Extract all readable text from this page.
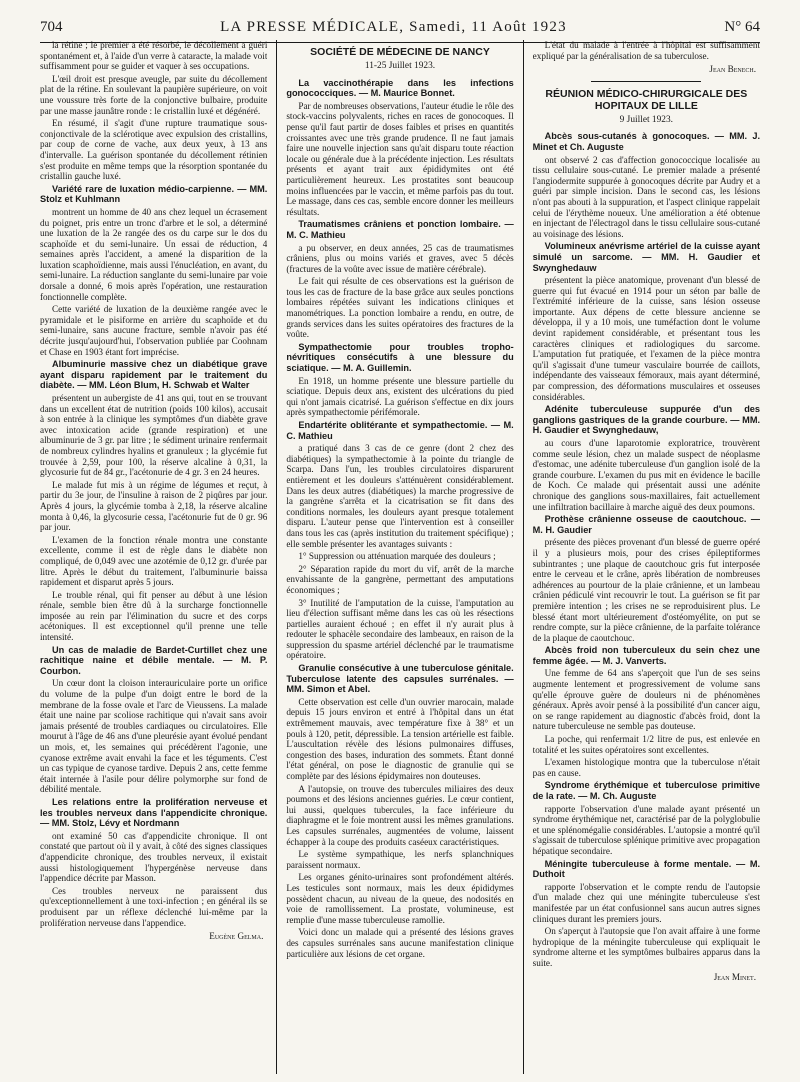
704	LA PRESSE MÉDICALE, Samedi, 11 Août 1923	N° 64

la rétine ; le premier a été résorbé, le décollement a guéri spontanément et, à l'aide d'un verre à cataracte, la malade voit suffisamment pour se guider et vaquer à ses occupations.

L'œil droit est presque aveugle, par suite du décollement plat de la rétine. En soulevant la paupière supérieure, on voit une voussure très forte de la conjonctive bulbaire, produite par une masse jaunâtre ronde : le cristallin luxé et dégénéré.

En résumé, il s'agit d'une rupture traumatique sous-conjonctivale de la sclérotique avec expulsion des cristallins, par coup de corne de vache, aux deux yeux, à 13 ans d'intervalle. La guérison spontanée du décollement rétinien s'est produite en même temps que la résorption spontanée du cristallin gauche luxé.

Variété rare de luxation médio-carpienne. — MM. Stolz et Kuhlmann

montrent un homme de 40 ans chez lequel un écrasement du poignet, pris entre un tronc d'arbre et le sol, a déterminé une luxation de la 2e rangée des os du carpe sur le dos du scaphoïde et du semi-lunaire. Un essai de réduction, 4 semaines après l'accident, a amené la disparition de la luxation scaphoïdienne, mais aussi l'énucléation, en avant, du semi-lunaire. La réduction sanglante du semi-lunaire par voie dorsale a donné, 6 mois après l'opération, une restauration fonctionnelle complète.

Cette variété de luxation de la deuxième rangée avec le pyramidale et le pisiforme en arrière du scaphoïde et du semi-lunaire, sans aucune fracture, semble n'avoir pas été décrite jusqu'aujourd'hui, l'observation publiée par Coohnam et Chase en 1903 étant fort imprécise.

Albuminurie massive chez un diabétique grave ayant disparu rapidement par le traitement du diabète. — MM. Léon Blum, H. Schwab et Walter

présentent un aubergiste de 41 ans qui, tout en se trouvant dans un excellent état de nutrition (poids 100 kilos), accusait à son entrée à la clinique les symptômes d'un diabète grave avec intoxication acide (grande respiration) et une albuminurie de 3 gr. par litre ; le sédiment urinaire renfermait de nombreux cylindres hyalins et granuleux ; la glycémie fut trouvée à 2,59, pour 100, la réserve alcaline à 0,31, la glycosurie fut de 84 gr., l'acétonurie de 4 gr. 3 en 24 heures.

Le malade fut mis à un régime de légumes et reçut, à partir du 3e jour, de l'insuline à raison de 2 piqûres par jour. Après 4 jours, la glycémie tomba à 2,18, la réserve alcaline monta à 0,46, la glycosurie cessa, l'acétonurie fut de 0 gr. 96 par jour.

L'examen de la fonction rénale montra une constante excellente, comme il est de règle dans le diabète non compliqué, de 0,049 avec une azotémie de 0,12 gr. d'urée par litre. Après le début du traitement, l'albuminurie baissa rapidement et disparut après 5 jours.

Le trouble rénal, qui fit penser au début à une lésion rénale, semble bien être dû à la surcharge fonctionnelle imposée au rein par l'élimination du sucre et des corps acétoniques. Il est exceptionnel qu'il prenne une telle intensité.

Un cas de maladie de Bardet-Curtillet chez une rachitique naine et débile mentale. — M. P. Courbon.

Un cœur dont la cloison interauriculaire porte un orifice du volume de la pulpe d'un doigt entre le bord de la membrane de la fosse ovale et l'arc de Vieussens. La malade était une naine par scoliose rachitique qui n'avait sans avoir jamais présenté de troubles cardiaques ou circulatoires. Elle mourut à l'âge de 46 ans d'une pleurésie ayant évolué pendant un mois, et, les semaines qui précédèrent l'agonie, une cyanose extrême avait envahi la face et les téguments. C'est un cas typique de cyanose tardive. Depuis 2 ans, cette femme était internée à l'asile pour délire polymorphe sur fond de débilité mentale.

Les relations entre la prolifération nerveuse et les troubles nerveux dans l'appendicite chronique. — MM. Stolz, Lévy et Nordmann

ont examiné 50 cas d'appendicite chronique. Il ont constaté que partout où il y avait, à côté des signes classiques d'appendicite chronique, des troubles nerveux, il existait aussi histologiquement l'hypergénèse nerveuse dans l'appendice décrite par Masson.

Ces troubles nerveux ne paraissent dus qu'exceptionnellement à une toxi-infection ; en général ils se produisent par un réflexe déclenché lui-même par la prolifération nerveuse dans l'appendice.

Eugène Gelma.
SOCIÉTÉ DE MÉDECINE DE NANCY
11-25 Juillet 1923.

La vaccinothérapie dans les infections gonococciques. — M. Maurice Bonnet.

Par de nombreuses observations, l'auteur étudie le rôle des stock-vaccins polyvalents, riches en races de gonocoques. Il pense qu'il faut partir de doses faibles et prises en quantités croissantes avec une très grande prudence. Il ne faut jamais faire une nouvelle injection sans qu'ait disparu toute réaction locale ou générale due à la précédente injection. Les résultats présents et ayant trait aux épididymites ont été particulièrement heureux. Les prostatites sont beaucoup moins influencées par le vaccin, et même parfois pas du tout. Le massage, dans ces cas, semble encore donner les meilleurs résultats.

Traumatismes crâniens et ponction lombaire. — M. C. Mathieu

a pu observer, en deux années, 25 cas de traumatismes crâniens, plus ou moins variés et graves, avec 5 décès (fractures de la voûte avec issue de matière cérébrale).

Le fait qui résulte de ces observations est la guérison de tous les cas de fracture de la base grâce aux seules ponctions lombaires répétées suivant les indications cliniques et manométriques. La ponction lombaire a rendu, en outre, de grands services dans les suites opératoires des fractures de la voûte.

Sympathectomie pour troubles tropho-névritiques consécutifs à une blessure du sciatique. — M. A. Guillemin.

En 1918, un homme présente une blessure partielle du sciatique. Depuis deux ans, existent des ulcérations du pied qui n'ont jamais cicatrisé. La guérison s'effectue en dix jours après sympathectomie périfémorale.

Endartérite oblitérante et sympathectomie. — M. C. Mathieu

a pratiqué dans 3 cas de ce genre (dont 2 chez des diabétiques) la sympathectomie à la pointe du triangle de Scarpa. Dans l'un, les troubles circulatoires disparurent entièrement et les douleurs s'atténuèrent considérablement. Dans les deux autres (diabétiques) la marche progressive de la gangrène s'arrêta et la cicatrisation se fit dans des conditions normales, les douleurs ayant presque totalement disparu. L'auteur pense que l'intervention est à conseiller dans tous les cas (après institution du traitement spécifique) ; elle semble présenter les avantages suivants :

1° Suppression ou atténuation marquée des douleurs ;

2° Séparation rapide du mort du vif, arrêt de la marche envahissante de la gangrène, permettant des amputations économiques ;

3° Inutilité de l'amputation de la cuisse, l'amputation au lieu d'élection suffisant même dans les cas où les résections partielles auraient échoué ; en effet il n'y aurait plus à redouter le sphacèle secondaire des lambeaux, en raison de la suppression du spasme artériel déclenché par le traumatisme opératoire.

Granulie consécutive à une tuberculose génitale. Tuberculose latente des capsules surrénales. — MM. Simon et Abel.

Cette observation est celle d'un ouvrier marocain, malade depuis 15 jours environ et entré à l'hôpital dans un état extrêmement mauvais, avec température fixe à 38° et un pouls à 120, petit, dépressible. La tension artérielle est faible. L'auscultation révèle des lésions pulmonaires diffuses, congestion des bases, induration des sommets. Étant donné l'état général, on pose le diagnostic de granulie qui se complète par des lésions épidymaires non douteuses.

A l'autopsie, on trouve des tubercules miliaires des deux poumons et des lésions anciennes guéries. Le cœur contient, lui aussi, quelques tubercules, la face inférieure du diaphragme et le foie montrent aussi les mêmes granulations. Les capsules surrénales, augmentées de volume, laissent échapper à la coupe des produits caséeux caractéristiques.

Le système sympathique, les nerfs splanchniques paraissent normaux.

Les organes génito-urinaires sont profondément altérés. Les testicules sont normaux, mais les deux épididymes possèdent chacun, au niveau de la queue, des nodosités en voie de ramollissement. La prostate, volumineuse, est remplie d'une masse tuberculeuse ramollie.

Voici donc un malade qui a présenté des lésions graves des capsules surrénales sans aucune manifestation clinique particulière aux lésions de cet organe.

L'état du malade à l'entrée à l'hôpital est suffisamment expliqué par la généralisation de sa tuberculose.

Jean Benech.
RÉUNION MÉDICO-CHIRURGICALE DES HOPITAUX DE LILLE
9 Juillet 1923.

Abcès sous-cutanés à gonocoques. — MM. J. Minet et Ch. Auguste

ont observé 2 cas d'affection gonococcique localisée au tissu cellulaire sous-cutané. Le premier malade a présenté l'angiodermite suppurée à gonocoques décrite par Audry et a guéri par simple incision. Dans le second cas, les lésions n'ont pas abouti à la suppuration, et l'aspect clinique rappelait celui de l'érythème noueux. Une amélioration a été obtenue en injectant de l'électragol dans le tissu cellulaire sous-cutané au voisinage des lésions.

Volumineux anévrisme artériel de la cuisse ayant simulé un sarcome. — MM. H. Gaudier et Swynghedauw

présentent la pièce anatomique, provenant d'un blessé de guerre qui fut évacué en 1914 pour un séton par balle de l'extrémité inférieure de la cuisse, sans lésion osseuse importante. Aux dépens de cette blessure ancienne se développa, il y a 10 mois, une tuméfaction dont le volume devint rapidement considérable, et présentant tous les caractères cliniques et radiologiques du sarcome. L'amputation fut pratiquée, et l'examen de la pièce montra qu'il s'agissait d'une tumeur vasculaire bourrée de caillots, indépendante des vaisseaux fémoraux, mais ayant déterminé, par compression, des déformations musculaires et osseuses considérables.

Adénite tuberculeuse suppurée d'un des ganglions gastriques de la grande courbure. — MM. H. Gaudier et Swynghedauw,

au cours d'une laparotomie exploratrice, trouvèrent comme seule lésion, chez un malade suspect de néoplasme d'estomac, une adénite tuberculeuse d'un ganglion isolé de la grande courbure. L'examen du pus mit en évidence le bacille de Koch. Ce malade qui présentait aussi une adénite chronique des ganglions sous-maxillaires, fait actuellement une infiltration bacillaire à marche aiguë des deux poumons.

Prothèse crânienne osseuse de caoutchouc. — M. H. Gaudier

présente des pièces provenant d'un blessé de guerre opéré il y a plusieurs mois, pour des crises épileptiformes subintrantes ; une plaque de caoutchouc gris fut interposée entre le cerveau et le crâne, après libération de nombreuses adhérences au pourtour de la plaie crânienne, et un lambeau crânien pédiculé vint recouvrir le tout. La guérison se fit par première intention ; les crises ne se reproduisirent plus. Le blessé étant mort ultérieurement d'ostéomyélite, on put se rendre compte, sur la pièce crânienne, de la parfaite tolérance de la plaque de caoutchouc.

Abcès froid non tuberculeux du sein chez une femme âgée. — M. J. Vanverts.

Une femme de 64 ans s'aperçoit que l'un de ses seins augmente lentement et progressivement de volume sans qu'elle éprouve guère de douleurs ni de phénomènes généraux. Après avoir pensé à la possibilité d'un cancer aigu, on se range rapidement au diagnostic d'abcès froid, dont la nature tuberculeuse ne semble pas douteuse.

La poche, qui renfermait 1/2 litre de pus, est enlevée en totalité et les suites opératoires sont excellentes.

L'examen histologique montra que la tuberculose n'était pas en cause.

Syndrome érythémique et tuberculose primitive de la rate. — M. Ch. Auguste

rapporte l'observation d'une malade ayant présenté un syndrome érythémique net, caractérisé par de la polyglobulie et une splénomégalie considérables. L'autopsie a montré qu'il s'agissait de tuberculose splénique primitive avec propagation hépatique secondaire.

Méningite tuberculeuse à forme mentale. — M. Duthoit

rapporte l'observation et le compte rendu de l'autopsie d'un malade chez qui une méningite tuberculeuse s'est manifestée par un état confusionnel sans aucun autres signes cliniques durant les premiers jours.

On s'aperçut à l'autopsie que l'on avait affaire à une forme hydropique de la méningite tuberculeuse qui expliquait le syndrome alterne et les symptômes bulbaires apparus dans la suite.

Jean Minet.
